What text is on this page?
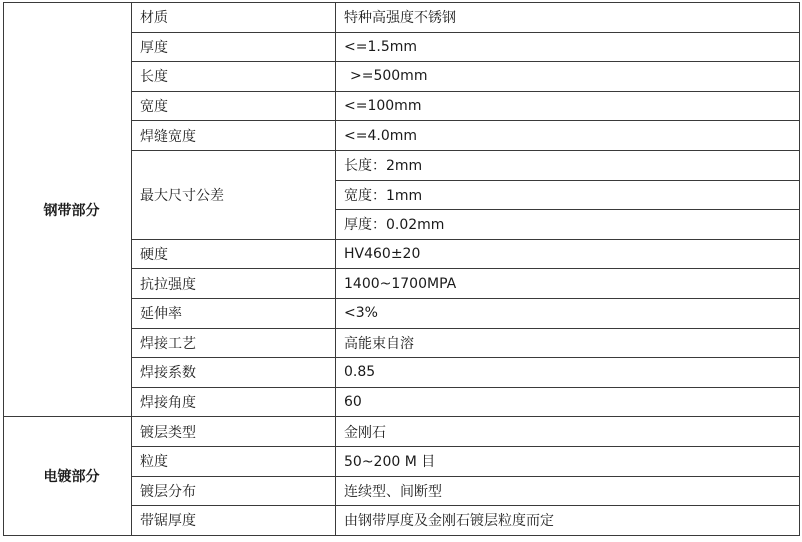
钢带部分	材质	特种高强度不锈钢
	厚度	<=1.5mm
	长度	>=500mm
	宽度	<=100mm
	焊缝宽度	<=4.0mm
	最大尺寸公差	长度：2mm
		宽度：1mm
		厚度：0.02mm
	硬度	HV460±20
	抗拉强度	1400~1700MPA
	延伸率	<3%
	焊接工艺	高能束自溶
	焊接系数	0.85
	焊接角度	60
电镀部分	镀层类型	金刚石
	粒度	50~200 M 目
	镀层分布	连续型、间断型
	带锯厚度	由钢带厚度及金刚石镀层粒度而定
